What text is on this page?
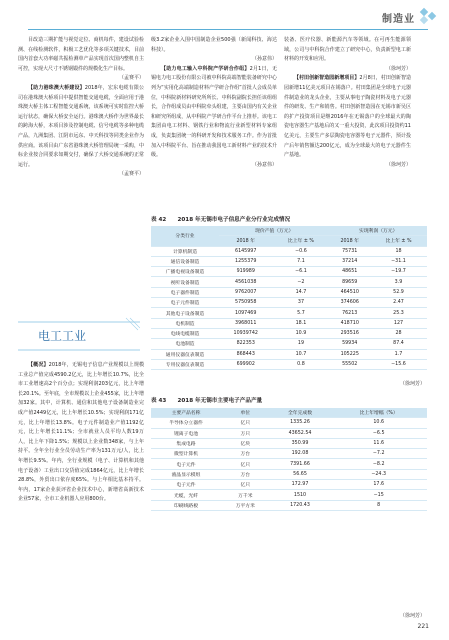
制造业

目改造三期扩能与视觉定位、商机每件，建设试验检测、在线检测软件，积极工艺优化等多项关键技术，目前国内首套大功率磁共振检测单产品实现首次国内整机自主可控，实现大尺寸不锈钢锻件的规模化生产目标。

（孟赛平）

【助力港珠澳大桥建设】2018年，宏东电缆有限公司在港珠澳大桥项目中提供智能交通电缆，全面应用于港珠澳大桥主体工程智能交通系统，该系统可实时监控大桥运行状态，确保大桥安全运行。港珠澳大桥作为世界最长的跨海大桥，本项目涉及控制电缆、信号电缆等多种电缆产品，九洲集团、江阴市远东、中天科技等同类企业作为供应商。该项目由广东省港珠澳大桥管理局统一采购，中标企业按合同要求如期交付，确保了大桥交通系统的正常运行。

（孟赛平）

电工工业

【概况】2018年，无锡电子信息产业规模以上规模工业总产值完成4590.2亿元，比上年增长10.7%，比全市工业增速高2个百分点；实现利润203亿元，比上年增长20.1%。至年底，全市规模以上企业455家，比上年增加32家。其中，计算机、通信和其他电子设备制造业完成产值2449亿元，比上年增长10.5%；实现利润171亿元，比上年增长13.8%。电子元件制造业产值1192亿元，比上年增长11.1%；全市就业人员平均人数19万人，比上年下降1.5%；规模以上企业数348家，与上年持平。全年全行业全员劳动生产率为131万元/人，比上年增长9.5%。年内，全行业规模（电子、计算机和其他电子设备）工业出口交货值完成1864亿元，比上年增长28.8%，外贸出口依存度65%。与上年相比基本持平。年内，17家企业获评省企业技术中心，新增省高新技术企业57家，全市工业机器人应用800台。

级3.2家企业入围中国制造企业500强（新闻科技、海达科技）。

（孙意伟）

【助力电工输入中科院产学研合作组】2月1日，无锡电力电工股份有限公司被中科院高端智能装备研究中心列为“实用化高端制造材料产学研合作组”首批人会成员单位，中科院新材料研究所所长、中科院副院长担任该组组长，合作组成员由中科院牵头组建，主要由国内有关企业和研究所组成，从中科院产学研合作平台上推荐。该电工集团由电工材料、钢铁行业和物流行业新型材料专家组成，负责集团统一的科研开发和技术服务工作。作为首批加入中科院平台、旨在推动我国电工新材料产业的技术升级。

（孙意伟）

装备、医疗仪器、新能源汽车等领域。在可再生能源领域，公司与中科院合作建立了研究中心，负责新型电工新材料的开发和应用。

（徐珂芳）

【村田创新智造园新增项目】2月8日，村田创新智造园新增11亿美元项目在锡落户。村田集团是全球电子元器件制造业的龙头企业，主要从事电子陶瓷材料及电子元器件的研发、生产和销售。村田创新智造园在无锡市新吴区的扩产投资项目是继2016年在无锡落户的全球最大的陶瓷电容器生产基地后的又一重大投资，此次项目投资约11亿美元，主要生产多层陶瓷电容器等电子元器件，预计投产后年销售额达200亿元，成为全球最大的电子元器件生产基地。

（徐珂芳）

表 42　　2018 年无锡市电子信息产业分行业完成情况
分类行业	现价产值（万元）		实现利润（万元）	
	2018 年	比上年 ± %	2018 年	比上年 ± %
计算机制造	6145997	−0.6	75731	18
通信设备制造	1255379	7.1	37214	−31.1
广播电视设备制造	919989	−6.1	48651	−19.7
视听设备制造	4561038	−2	89659	3.9
电子器件制造	9762007	14.7	464510	52.9
电子元件制造	5750958	37	374606	2.47
其他电子设备制造	1097469	5.7	76213	25.3
电机制造	3968011	18.1	418710	127
电线电缆制造	10939742	10.9	293516	28
电池制造	822353	19	59934	87.4
通用仪器仪表制造	868443	10.7	105225	1.7
专用仪器仪表制造	699902	0.8	55502	−15.6
（徐珂芳）
表 43　　2018 年无锡市主要电子产品产量
主要产品名称	单位	全年完成数	比上年增幅（%）
半导体分立器件	亿只	1335.26	10.6
锂离子电池	万只	43652.54	−6.5
集成电路	亿块	350.99	11.6
微型计算机	万台	192.08	−7.2
电子元件	亿只	7391.66	−8.2
液晶显示模组	万台	56.65	−24.3
电子元件	亿只	172.97	17.6
光缆，光纤	万千米	1510	−15
印刷线路板	万平方米	1720.43	8
（徐珂芳）
221
